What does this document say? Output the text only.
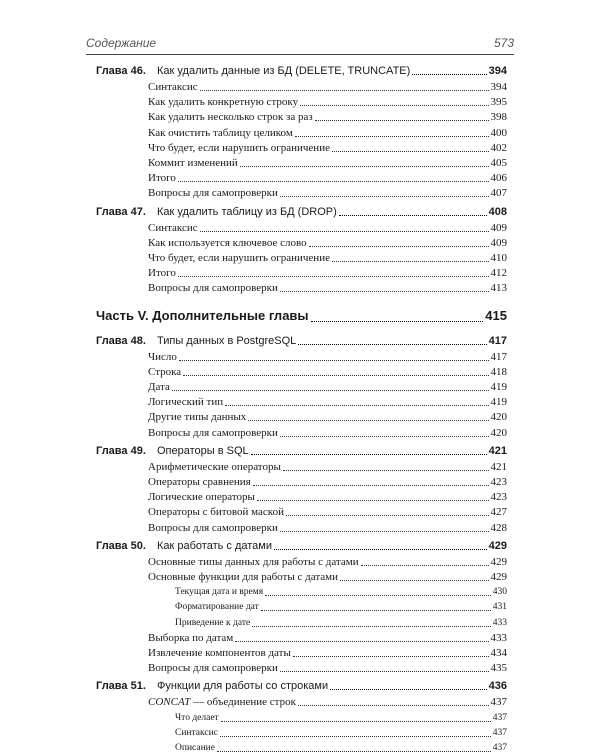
Содержание	573
Глава 46.	Как удалить данные из БД (DELETE, TRUNCATE)	394
Синтаксис	394
Как удалить конкретную строку	395
Как удалить несколько строк за раз	398
Как очистить таблицу целиком	400
Что будет, если нарушить ограничение	402
Коммит изменений	405
Итого	406
Вопросы для самопроверки	407
Глава 47.	Как удалить таблицу из БД (DROP)	408
Синтаксис	409
Как используется ключевое слово	409
Что будет, если нарушить ограничение	410
Итого	412
Вопросы для самопроверки	413
Часть V. Дополнительные главы	415
Глава 48.	Типы данных в PostgreSQL	417
Число	417
Строка	418
Дата	419
Логический тип	419
Другие типы данных	420
Вопросы для самопроверки	420
Глава 49.	Операторы в SQL	421
Арифметические операторы	421
Операторы сравнения	423
Логические операторы	423
Операторы с битовой маской	427
Вопросы для самопроверки	428
Глава 50.	Как работать с датами	429
Основные типы данных для работы с датами	429
Основные функции для работы с датами	429
Текущая дата и время	430
Форматирование дат	431
Приведение к дате	433
Выборка по датам	433
Извлечение компонентов даты	434
Вопросы для самопроверки	435
Глава 51.	Функции для работы со строками	436
CONCAT — объединение строк	437
Что делает	437
Синтаксис	437
Описание	437
